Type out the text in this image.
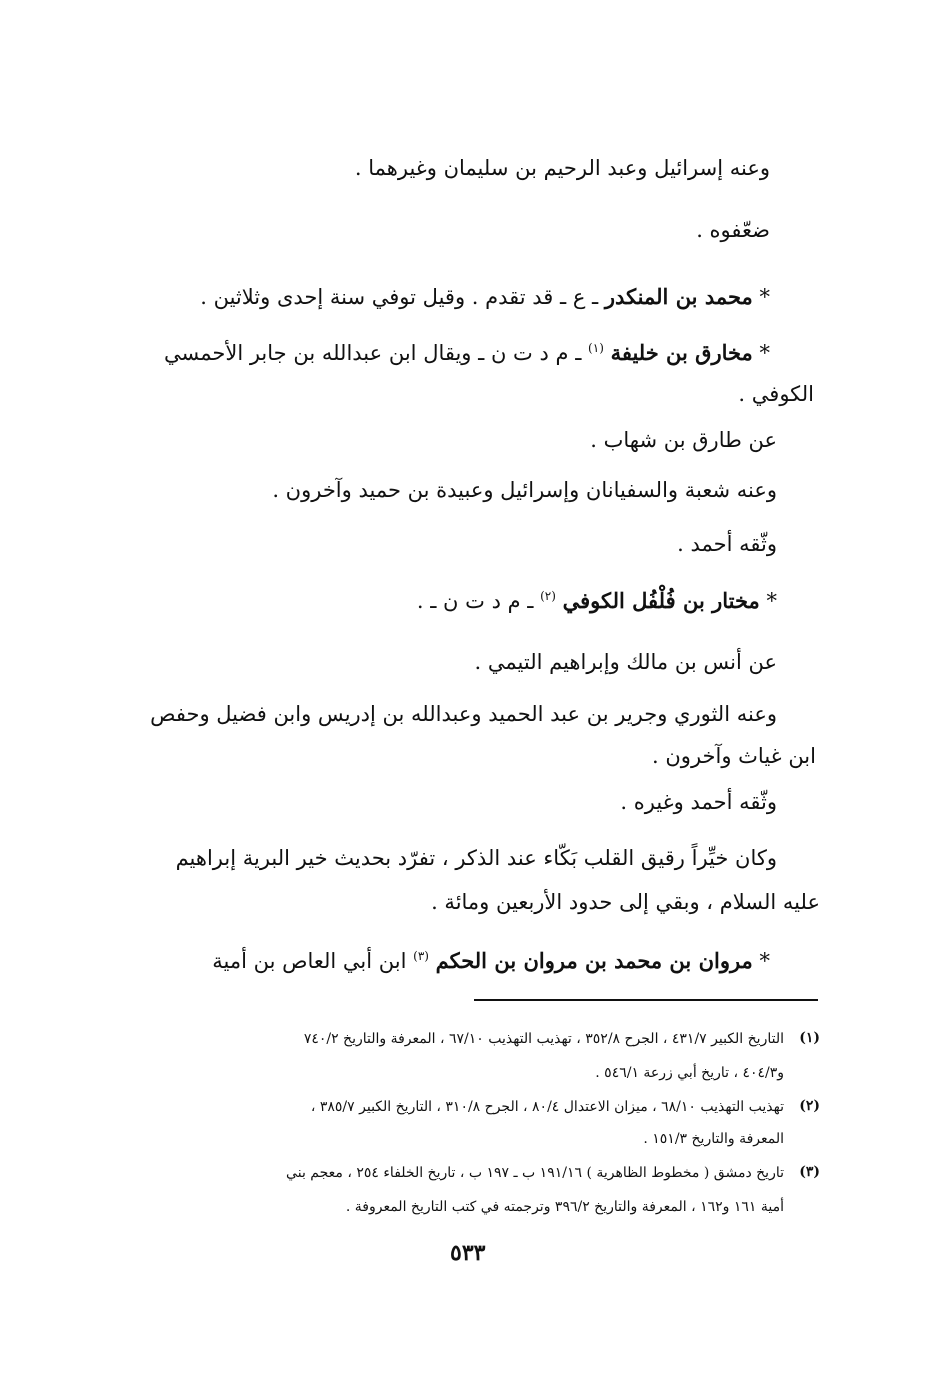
وعنه إسرائيل وعبد الرحيم بن سليمان وغيرهما .
ضعّفوه .
* محمد بن المنكدر ـ ع ـ قد تقدم . وقيل توفي سنة إحدى وثلاثين .
* مخارق بن خليفة $^{(١)}$ ـ م د ت ن ـ ويقال ابن عبدالله بن جابر الأحمسي
الكوفي .
عن طارق بن شهاب .
وعنه شعبة والسفيانان وإسرائيل وعبيدة بن حميد وآخرون .
وثّقه أحمد .
* مختار بن فُلْفُل الكوفي $^{(٢)}$ ـ م د ت ن ـ .
عن أنس بن مالك وإبراهيم التيمي .
وعنه الثوري وجرير بن عبد الحميد وعبدالله بن إدريس وابن فضيل وحفص
ابن غياث وآخرون .
وثّقه أحمد وغيره .
وكان خيِّراً رقيق القلب بَكّاء عند الذكر ، تفرّد بحديث خير البرية إبراهيم
عليه السلام ، وبقي إلى حدود الأربعين ومائة .
* مروان بن محمد بن مروان بن الحكم $^{(٣)}$ ابن أبي العاص بن أمية
(١)
التاريخ الكبير ٤٣١/٧ ، الجرح ٣٥٢/٨ ، تهذيب التهذيب ٦٧/١٠ ، المعرفة والتاريخ ٧٤٠/٢
و٤٠٤/٣ ، تاريخ أبي زرعة ٥٤٦/١ .
(٢)
تهذيب التهذيب ٦٨/١٠ ، ميزان الاعتدال ٨٠/٤ ، الجرح ٣١٠/٨ ، التاريخ الكبير ٣٨٥/٧ ،
المعرفة والتاريخ ١٥١/٣ .
(٣)
تاريخ دمشق ( مخطوط الظاهرية ) ١٩١/١٦ ب ـ ١٩٧ ب ، تاريخ الخلفاء ٢٥٤ ، معجم بني
أمية ١٦١ و١٦٢ ، المعرفة والتاريخ ٣٩٦/٢ وترجمته في كتب التاريخ المعروفة .
٥٣٣
